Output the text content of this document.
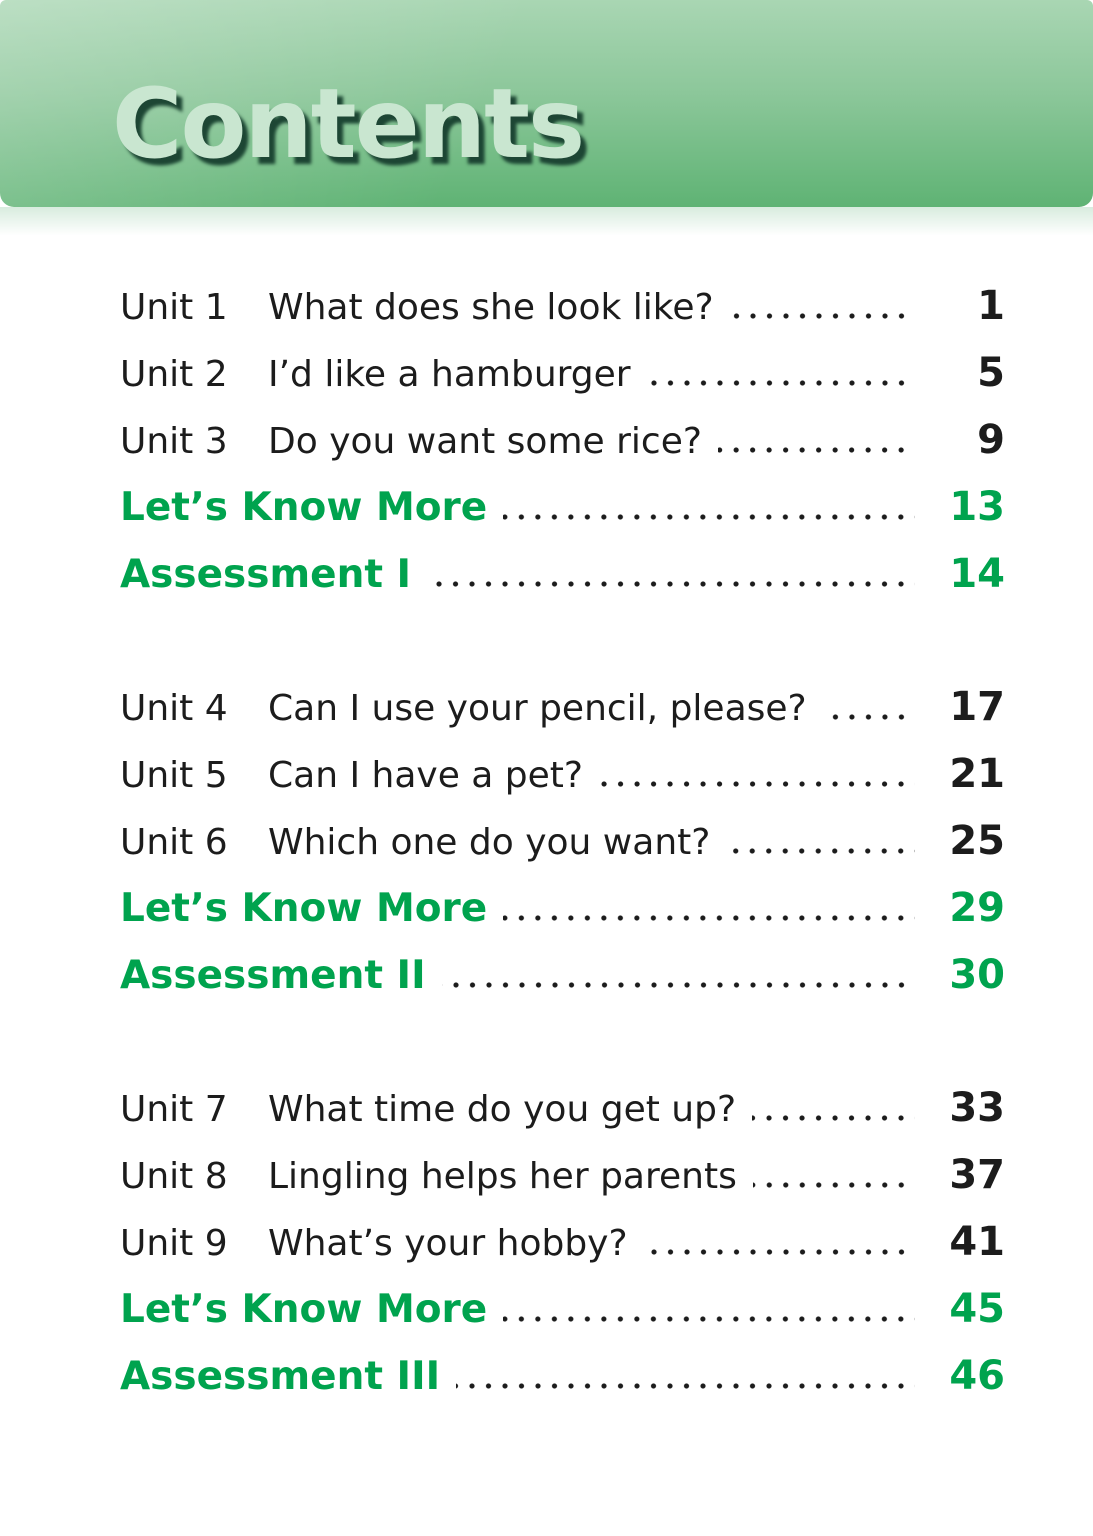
Contents
Unit 1	What does she look like?	1
Unit 2	I’d like a hamburger	5
Unit 3	Do you want some rice?	9
Let’s Know More	13
Assessment I	14
Unit 4	Can I use your pencil, please?	17
Unit 5	Can I have a pet?	21
Unit 6	Which one do you want?	25
Let’s Know More	29
Assessment II	30
Unit 7	What time do you get up?	33
Unit 8	Lingling helps her parents	37
Unit 9	What’s your hobby?	41
Let’s Know More	45
Assessment III	46
